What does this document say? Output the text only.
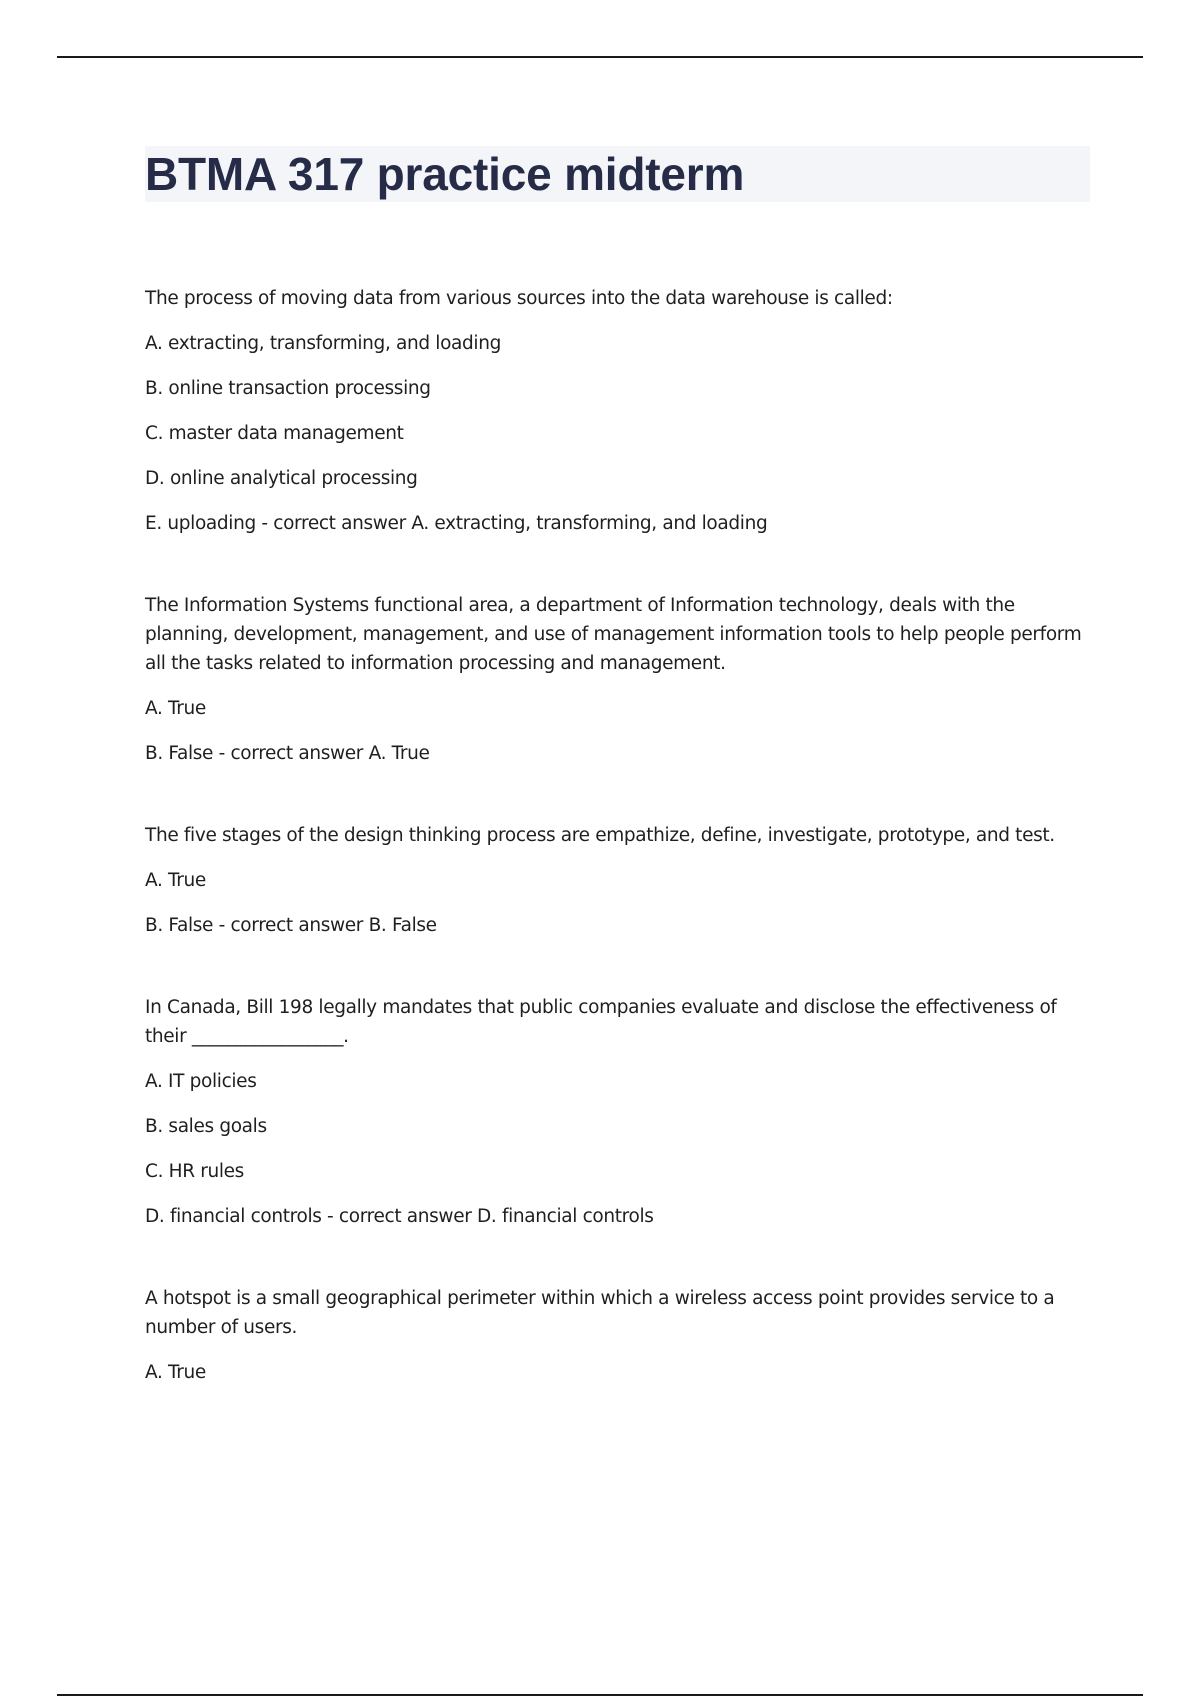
BTMA 317 practice midterm

The process of moving data from various sources into the data warehouse is called:

A. extracting, transforming, and loading
B. online transaction processing
C. master data management
D. online analytical processing
E. uploading - correct answer A. extracting, transforming, and loading

The Information Systems functional area, a department of Information technology, deals with the planning, development, management, and use of management information tools to help people perform all the tasks related to information processing and management.

A. True
B. False - correct answer A. True

The five stages of the design thinking process are empathize, define, investigate, prototype, and test.

A. True
B. False - correct answer B. False

In Canada, Bill 198 legally mandates that public companies evaluate and disclose the effectiveness of their _________________.

A. IT policies
B. sales goals
C. HR rules
D. financial controls - correct answer D. financial controls

A hotspot is a small geographical perimeter within which a wireless access point provides service to a number of users.

A. True
